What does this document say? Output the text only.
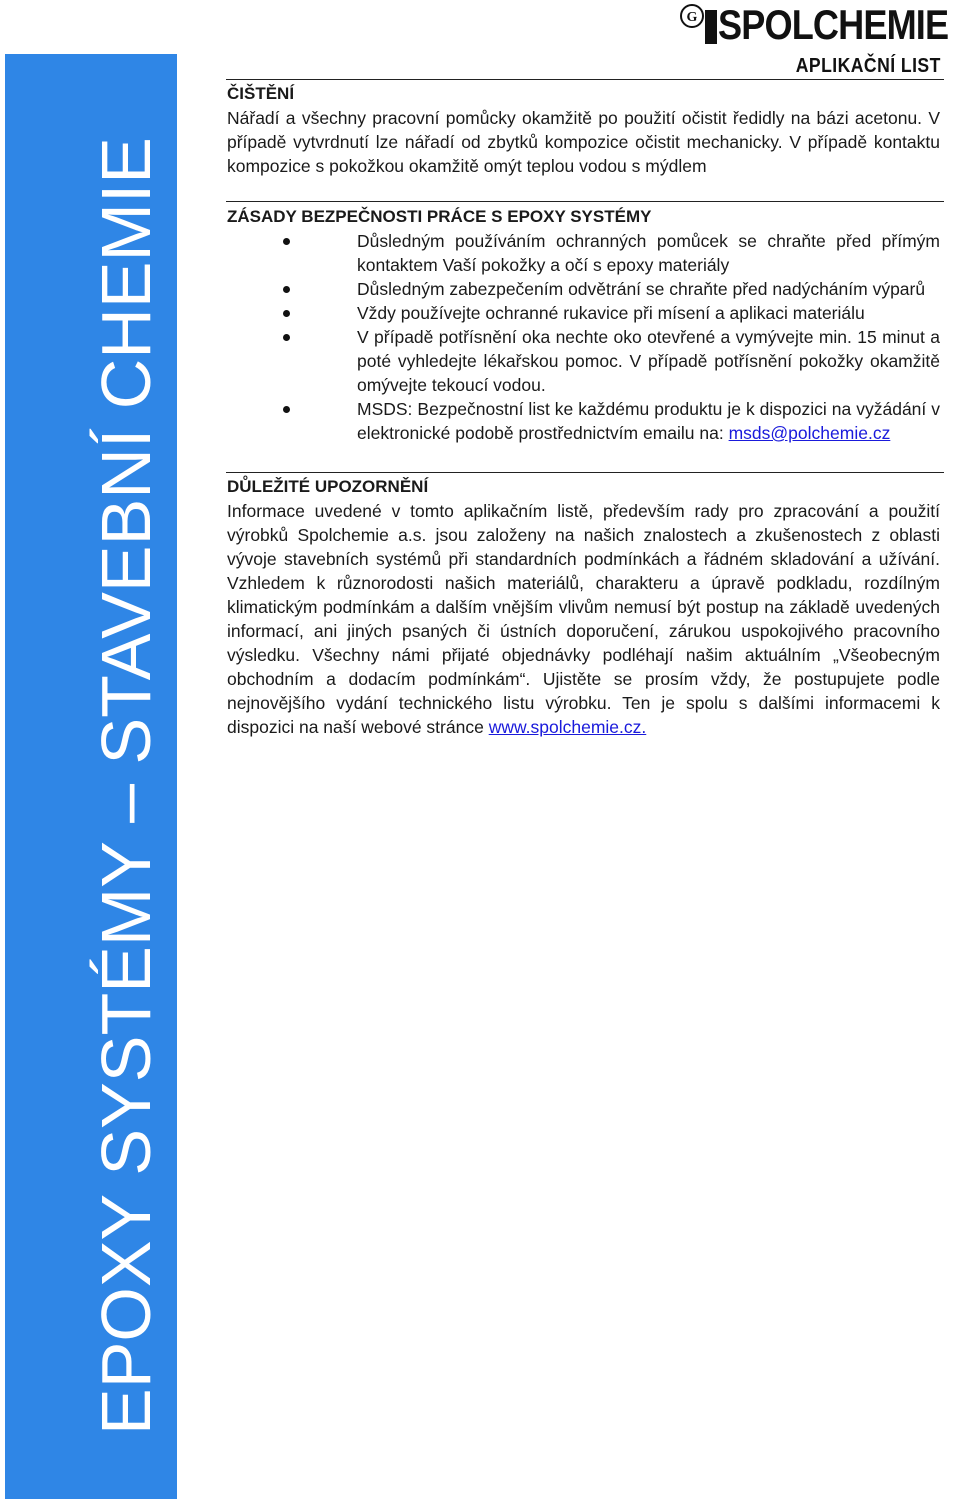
EPOXY SYSTÉMY – STAVEBNÍ CHEMIE
G SPOLCHEMIE
APLIKAČNÍ LIST
ČIŠTĚNÍ

Nářadí a všechny pracovní pomůcky okamžitě po použití očistit ředidly na bázi acetonu. V případě vytvrdnutí lze nářadí od zbytků kompozice očistit mechanicky. V případě kontaktu kompozice s pokožkou okamžitě omýt teplou vodou s mýdlem

ZÁSADY BEZPEČNOSTI PRÁCE S EPOXY SYSTÉMY
Důsledným používáním ochranných pomůcek se chraňte před přímým kontaktem Vaší pokožky a očí s epoxy materiály
Důsledným zabezpečením odvětrání se chraňte před nadýcháním výparů
Vždy používejte ochranné rukavice při mísení a aplikaci materiálu
V případě potřísnění oka nechte oko otevřené a vymývejte min. 15 minut a poté vyhledejte lékařskou pomoc. V případě potřísnění pokožky okamžitě omývejte tekoucí vodou.
MSDS: Bezpečnostní list ke každému produktu je k dispozici na vyžádání v elektronické podobě prostřednictvím emailu na: msds@polchemie.cz
DŮLEŽITÉ UPOZORNĚNÍ

Informace uvedené v tomto aplikačním listě, především rady pro zpracování a použití výrobků Spolchemie a.s. jsou založeny na našich znalostech a zkušenostech z oblasti vývoje stavebních systémů při standardních podmínkách a řádném skladování a užívání. Vzhledem k různorodosti našich materiálů, charakteru a úpravě podkladu, rozdílným klimatickým podmínkám a dalším vnějším vlivům nemusí být postup na základě uvedených informací, ani jiných psaných či ústních doporučení, zárukou uspokojivého pracovního výsledku. Všechny námi přijaté objednávky podléhají našim aktuálním „Všeobecným obchodním a dodacím podmínkám“. Ujistěte se prosím vždy, že postupujete podle nejnovějšího vydání technického listu výrobku. Ten je spolu s dalšími informacemi k dispozici na naší webové stránce www.spolchemie.cz.
